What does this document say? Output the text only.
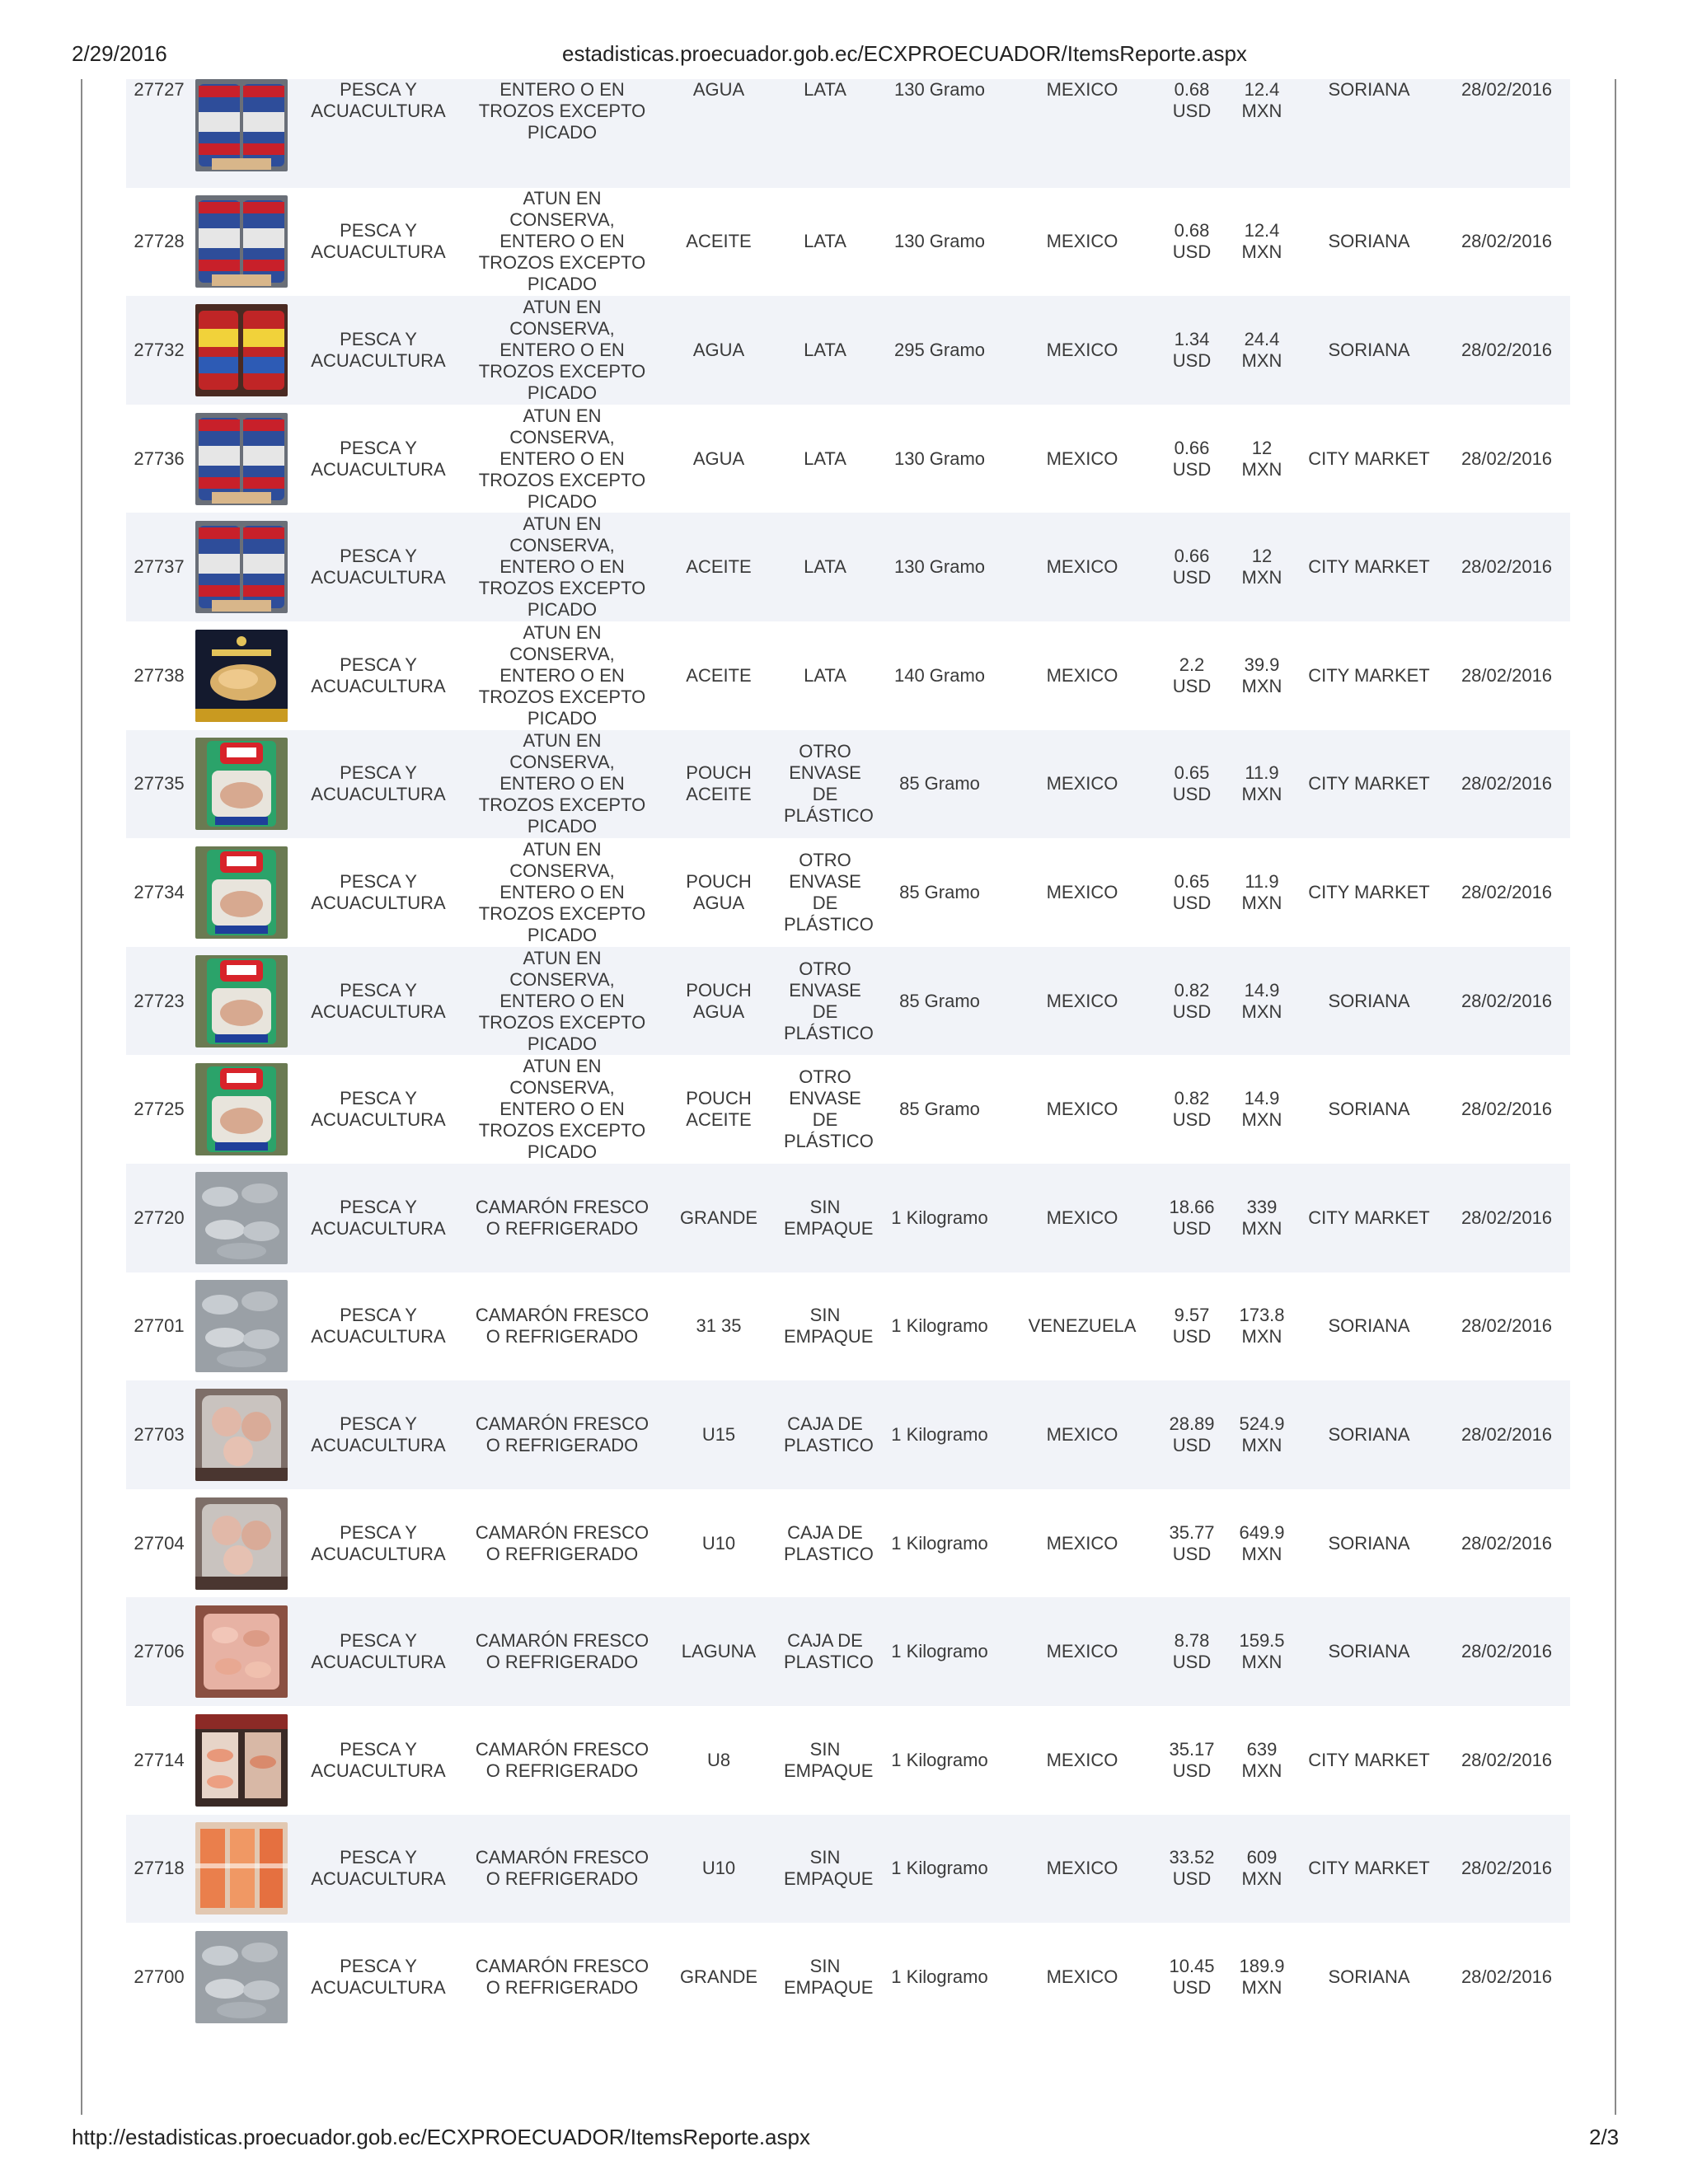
2/29/2016	estadisticas.proecuador.gob.ec/ECXPROECUADOR/ItemsReporte.aspx
27727		PESCA Y ACUACULTURA	ENTERO O EN TROZOS EXCEPTO PICADO	AGUA	LATA	130 Gramo	MEXICO	0.68 USD	12.4 MXN	SORIANA	28/02/2016
27728		PESCA Y ACUACULTURA	ATUN EN CONSERVA, ENTERO O EN TROZOS EXCEPTO PICADO	ACEITE	LATA	130 Gramo	MEXICO	0.68 USD	12.4 MXN	SORIANA	28/02/2016
27732		PESCA Y ACUACULTURA	ATUN EN CONSERVA, ENTERO O EN TROZOS EXCEPTO PICADO	AGUA	LATA	295 Gramo	MEXICO	1.34 USD	24.4 MXN	SORIANA	28/02/2016
27736		PESCA Y ACUACULTURA	ATUN EN CONSERVA, ENTERO O EN TROZOS EXCEPTO PICADO	AGUA	LATA	130 Gramo	MEXICO	0.66 USD	12 MXN	CITY MARKET	28/02/2016
27737		PESCA Y ACUACULTURA	ATUN EN CONSERVA, ENTERO O EN TROZOS EXCEPTO PICADO	ACEITE	LATA	130 Gramo	MEXICO	0.66 USD	12 MXN	CITY MARKET	28/02/2016
27738		PESCA Y ACUACULTURA	ATUN EN CONSERVA, ENTERO O EN TROZOS EXCEPTO PICADO	ACEITE	LATA	140 Gramo	MEXICO	2.2 USD	39.9 MXN	CITY MARKET	28/02/2016
27735		PESCA Y ACUACULTURA	ATUN EN CONSERVA, ENTERO O EN TROZOS EXCEPTO PICADO	POUCH ACEITE	OTRO ENVASE DE PLÁSTICO	85 Gramo	MEXICO	0.65 USD	11.9 MXN	CITY MARKET	28/02/2016
27734		PESCA Y ACUACULTURA	ATUN EN CONSERVA, ENTERO O EN TROZOS EXCEPTO PICADO	POUCH AGUA	OTRO ENVASE DE PLÁSTICO	85 Gramo	MEXICO	0.65 USD	11.9 MXN	CITY MARKET	28/02/2016
27723		PESCA Y ACUACULTURA	ATUN EN CONSERVA, ENTERO O EN TROZOS EXCEPTO PICADO	POUCH AGUA	OTRO ENVASE DE PLÁSTICO	85 Gramo	MEXICO	0.82 USD	14.9 MXN	SORIANA	28/02/2016
27725		PESCA Y ACUACULTURA	ATUN EN CONSERVA, ENTERO O EN TROZOS EXCEPTO PICADO	POUCH ACEITE	OTRO ENVASE DE PLÁSTICO	85 Gramo	MEXICO	0.82 USD	14.9 MXN	SORIANA	28/02/2016
27720		PESCA Y ACUACULTURA	CAMARÓN FRESCO O REFRIGERADO	GRANDE	SIN EMPAQUE	1 Kilogramo	MEXICO	18.66 USD	339 MXN	CITY MARKET	28/02/2016
27701		PESCA Y ACUACULTURA	CAMARÓN FRESCO O REFRIGERADO	31 35	SIN EMPAQUE	1 Kilogramo	VENEZUELA	9.57 USD	173.8 MXN	SORIANA	28/02/2016
27703		PESCA Y ACUACULTURA	CAMARÓN FRESCO O REFRIGERADO	U15	CAJA DE PLASTICO	1 Kilogramo	MEXICO	28.89 USD	524.9 MXN	SORIANA	28/02/2016
27704		PESCA Y ACUACULTURA	CAMARÓN FRESCO O REFRIGERADO	U10	CAJA DE PLASTICO	1 Kilogramo	MEXICO	35.77 USD	649.9 MXN	SORIANA	28/02/2016
27706		PESCA Y ACUACULTURA	CAMARÓN FRESCO O REFRIGERADO	LAGUNA	CAJA DE PLASTICO	1 Kilogramo	MEXICO	8.78 USD	159.5 MXN	SORIANA	28/02/2016
27714		PESCA Y ACUACULTURA	CAMARÓN FRESCO O REFRIGERADO	U8	SIN EMPAQUE	1 Kilogramo	MEXICO	35.17 USD	639 MXN	CITY MARKET	28/02/2016
27718		PESCA Y ACUACULTURA	CAMARÓN FRESCO O REFRIGERADO	U10	SIN EMPAQUE	1 Kilogramo	MEXICO	33.52 USD	609 MXN	CITY MARKET	28/02/2016
27700		PESCA Y ACUACULTURA	CAMARÓN FRESCO O REFRIGERADO	GRANDE	SIN EMPAQUE	1 Kilogramo	MEXICO	10.45 USD	189.9 MXN	SORIANA	28/02/2016
http://estadisticas.proecuador.gob.ec/ECXPROECUADOR/ItemsReporte.aspx	2/3
